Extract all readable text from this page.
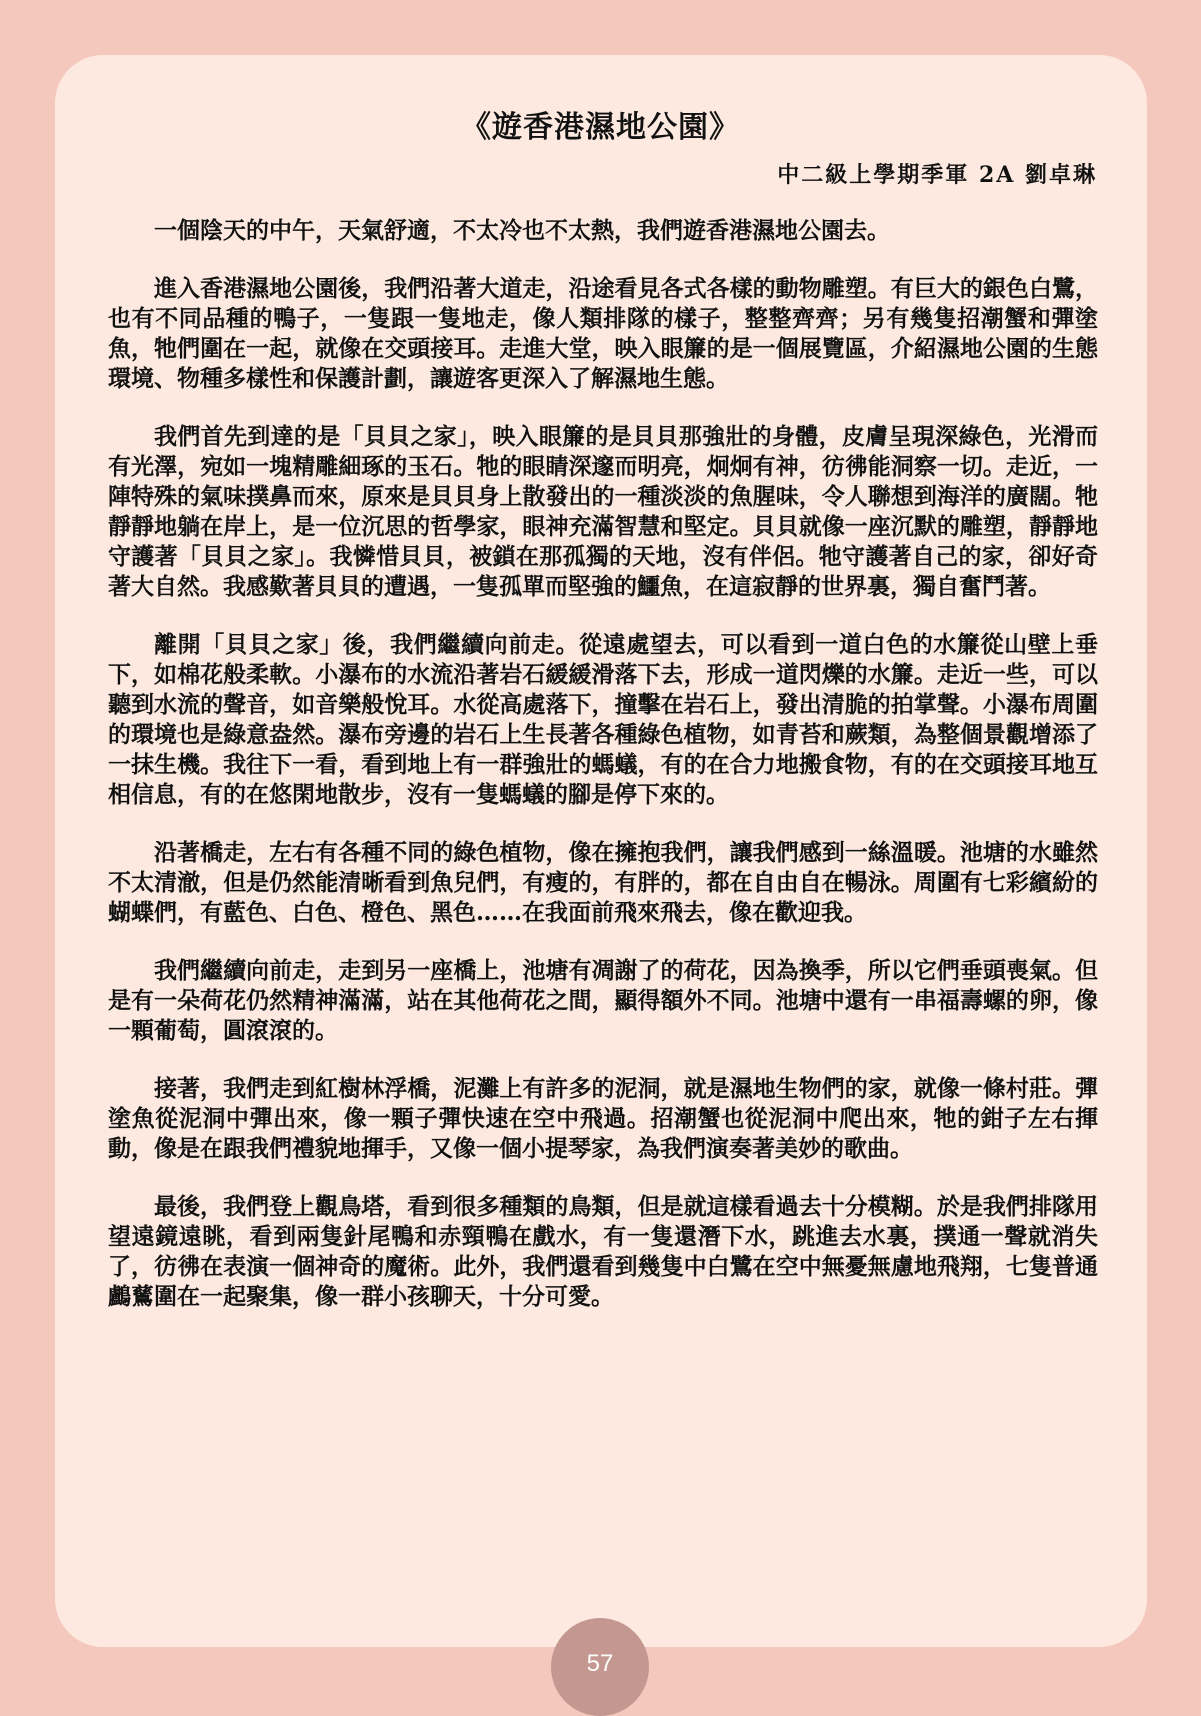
《遊香港濕地公園》
中二級上學期季軍 2A 劉卓琳

一個陰天的中午，天氣舒適，不太冷也不太熱，我們遊香港濕地公園去。

進入香港濕地公園後，我們沿著大道走，沿途看見各式各樣的動物雕塑。有巨大的銀色白鷺，也有不同品種的鴨子，一隻跟一隻地走，像人類排隊的樣子，整整齊齊；另有幾隻招潮蟹和彈塗魚，牠們圍在一起，就像在交頭接耳。走進大堂，映入眼簾的是一個展覽區，介紹濕地公園的生態環境、物種多樣性和保護計劃，讓遊客更深入了解濕地生態。

我們首先到達的是「貝貝之家」，映入眼簾的是貝貝那強壯的身體，皮膚呈現深綠色，光滑而有光澤，宛如一塊精雕細琢的玉石。牠的眼睛深邃而明亮，炯炯有神，彷彿能洞察一切。走近，一陣特殊的氣味撲鼻而來，原來是貝貝身上散發出的一種淡淡的魚腥味，令人聯想到海洋的廣闊。牠靜靜地躺在岸上，是一位沉思的哲學家，眼神充滿智慧和堅定。貝貝就像一座沉默的雕塑，靜靜地守護著「貝貝之家」。我憐惜貝貝，被鎖在那孤獨的天地，沒有伴侶。牠守護著自己的家，卻好奇著大自然。我感歎著貝貝的遭遇，一隻孤單而堅強的鱷魚，在這寂靜的世界裏，獨自奮鬥著。

離開「貝貝之家」後，我們繼續向前走。從遠處望去，可以看到一道白色的水簾從山壁上垂下，如棉花般柔軟。小瀑布的水流沿著岩石緩緩滑落下去，形成一道閃爍的水簾。走近一些，可以聽到水流的聲音，如音樂般悅耳。水從高處落下，撞擊在岩石上，發出清脆的拍掌聲。小瀑布周圍的環境也是綠意盎然。瀑布旁邊的岩石上生長著各種綠色植物，如青苔和蕨類，為整個景觀增添了一抹生機。我往下一看，看到地上有一群強壯的螞蟻，有的在合力地搬食物，有的在交頭接耳地互相信息，有的在悠閑地散步，沒有一隻螞蟻的腳是停下來的。

沿著橋走，左右有各種不同的綠色植物，像在擁抱我們，讓我們感到一絲溫暖。池塘的水雖然不太清澈，但是仍然能清晰看到魚兒們，有瘦的，有胖的，都在自由自在暢泳。周圍有七彩繽紛的蝴蝶們，有藍色、白色、橙色、黑色……在我面前飛來飛去，像在歡迎我。

我們繼續向前走，走到另一座橋上，池塘有凋謝了的荷花，因為換季，所以它們垂頭喪氣。但是有一朵荷花仍然精神滿滿，站在其他荷花之間，顯得額外不同。池塘中還有一串福壽螺的卵，像一顆葡萄，圓滾滾的。

接著，我們走到紅樹林浮橋，泥灘上有許多的泥洞，就是濕地生物們的家，就像一條村莊。彈塗魚從泥洞中彈出來，像一顆子彈快速在空中飛過。招潮蟹也從泥洞中爬出來，牠的鉗子左右揮動，像是在跟我們禮貌地揮手，又像一個小提琴家，為我們演奏著美妙的歌曲。

最後，我們登上觀鳥塔，看到很多種類的鳥類，但是就這樣看過去十分模糊。於是我們排隊用望遠鏡遠眺，看到兩隻針尾鴨和赤頸鴨在戲水，有一隻還潛下水，跳進去水裏，撲通一聲就消失了，彷彿在表演一個神奇的魔術。此外，我們還看到幾隻中白鷺在空中無憂無慮地飛翔，七隻普通鸕鶿圍在一起聚集，像一群小孩聊天，十分可愛。

57
